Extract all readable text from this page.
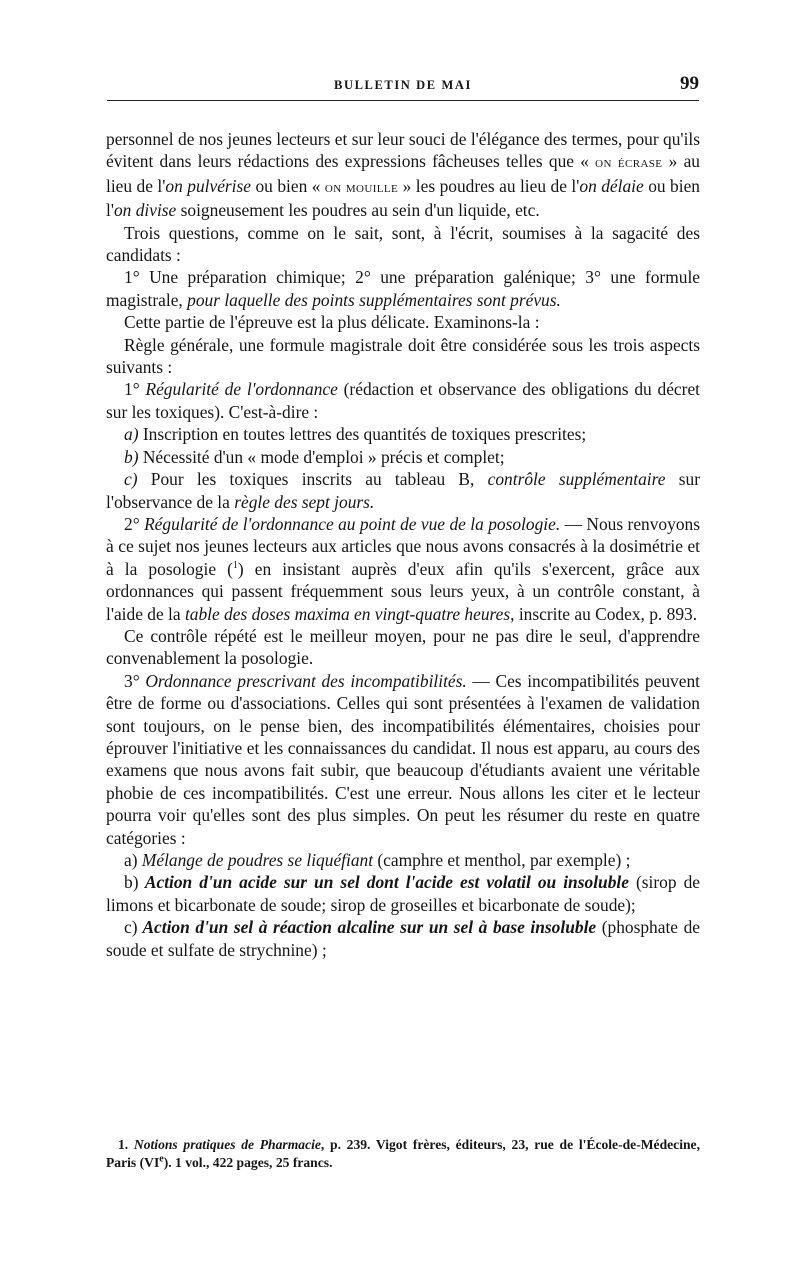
BULLETIN DE MAI	99

personnel de nos jeunes lecteurs et sur leur souci de l'élégance des termes, pour qu'ils évitent dans leurs rédactions des expressions fâcheuses telles que « on écrase » au lieu de l'on pulvérise ou bien « on mouille » les poudres au lieu de l'on délaie ou bien l'on divise soigneusement les poudres au sein d'un liquide, etc.

Trois questions, comme on le sait, sont, à l'écrit, soumises à la sagacité des candidats :

1° Une préparation chimique; 2° une préparation galénique; 3° une formule magistrale, pour laquelle des points supplémentaires sont prévus.

Cette partie de l'épreuve est la plus délicate. Examinons-la :

Règle générale, une formule magistrale doit être considérée sous les trois aspects suivants :

1° Régularité de l'ordonnance (rédaction et observance des obligations du décret sur les toxiques). C'est-à-dire :

a) Inscription en toutes lettres des quantités de toxiques prescrites;

b) Nécessité d'un « mode d'emploi » précis et complet;

c) Pour les toxiques inscrits au tableau B, contrôle supplémentaire sur l'observance de la règle des sept jours.

2° Régularité de l'ordonnance au point de vue de la posologie. — Nous renvoyons à ce sujet nos jeunes lecteurs aux articles que nous avons consacrés à la dosimétrie et à la posologie ($^1$) en insistant auprès d'eux afin qu'ils s'exercent, grâce aux ordonnances qui passent fréquemment sous leurs yeux, à un contrôle constant, à l'aide de la table des doses maxima en vingt-quatre heures, inscrite au Codex, p. 893.

Ce contrôle répété est le meilleur moyen, pour ne pas dire le seul, d'apprendre convenablement la posologie.

3° Ordonnance prescrivant des incompatibilités. — Ces incompatibilités peuvent être de forme ou d'associations. Celles qui sont présentées à l'examen de validation sont toujours, on le pense bien, des incompatibilités élémentaires, choisies pour éprouver l'initiative et les connaissances du candidat. Il nous est apparu, au cours des examens que nous avons fait subir, que beaucoup d'étudiants avaient une véritable phobie de ces incompatibilités. C'est une erreur. Nous allons les citer et le lecteur pourra voir qu'elles sont des plus simples. On peut les résumer du reste en quatre catégories :

a) Mélange de poudres se liquéfiant (camphre et menthol, par exemple) ;

b) Action d'un acide sur un sel dont l'acide est volatil ou insoluble (sirop de limons et bicarbonate de soude; sirop de groseilles et bicarbonate de soude);

c) Action d'un sel à réaction alcaline sur un sel à base insoluble (phosphate de soude et sulfate de strychnine) ;

1. Notions pratiques de Pharmacie, p. 239. Vigot frères, éditeurs, 23, rue de l'École-de-Médecine, Paris (VIe). 1 vol., 422 pages, 25 francs.
